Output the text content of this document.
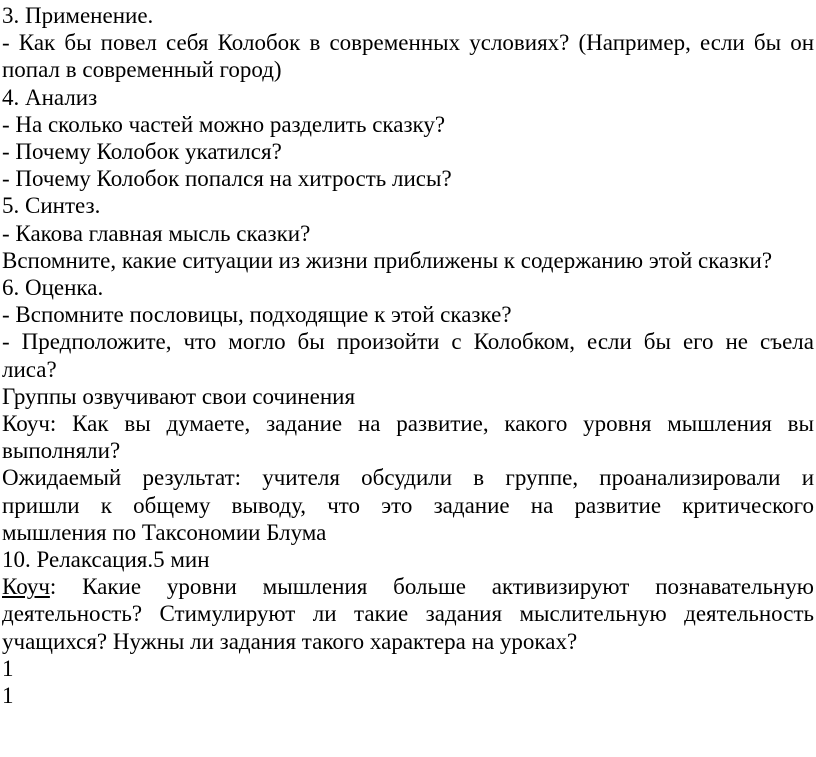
3. Применение.
- Как бы повел себя Колобок в современных условиях? (Например, если бы он
попал в современный город)
4. Анализ
- На сколько частей можно разделить сказку?
- Почему Колобок укатился?
- Почему Колобок попался на хитрость лисы?
5. Синтез.
- Какова главная мысль сказки?
Вспомните, какие ситуации из жизни приближены к содержанию этой сказки?
6. Оценка.
- Вспомните пословицы, подходящие к этой сказке?
- Предположите, что могло бы произойти с Колобком, если бы его не съела
лиса?
Группы озвучивают свои сочинения
Коуч: Как вы думаете, задание на развитие, какого уровня мышления вы
выполняли?
Ожидаемый результат: учителя обсудили в группе, проанализировали и
пришли к общему выводу, что это задание на развитие критического
мышления по Таксономии Блума
10. Релаксация.5 мин
Коуч: Какие уровни мышления больше активизируют познавательную
деятельность? Стимулируют ли такие задания мыслительную деятельность
учащихся? Нужны ли задания такого характера на уроках?
1
1
